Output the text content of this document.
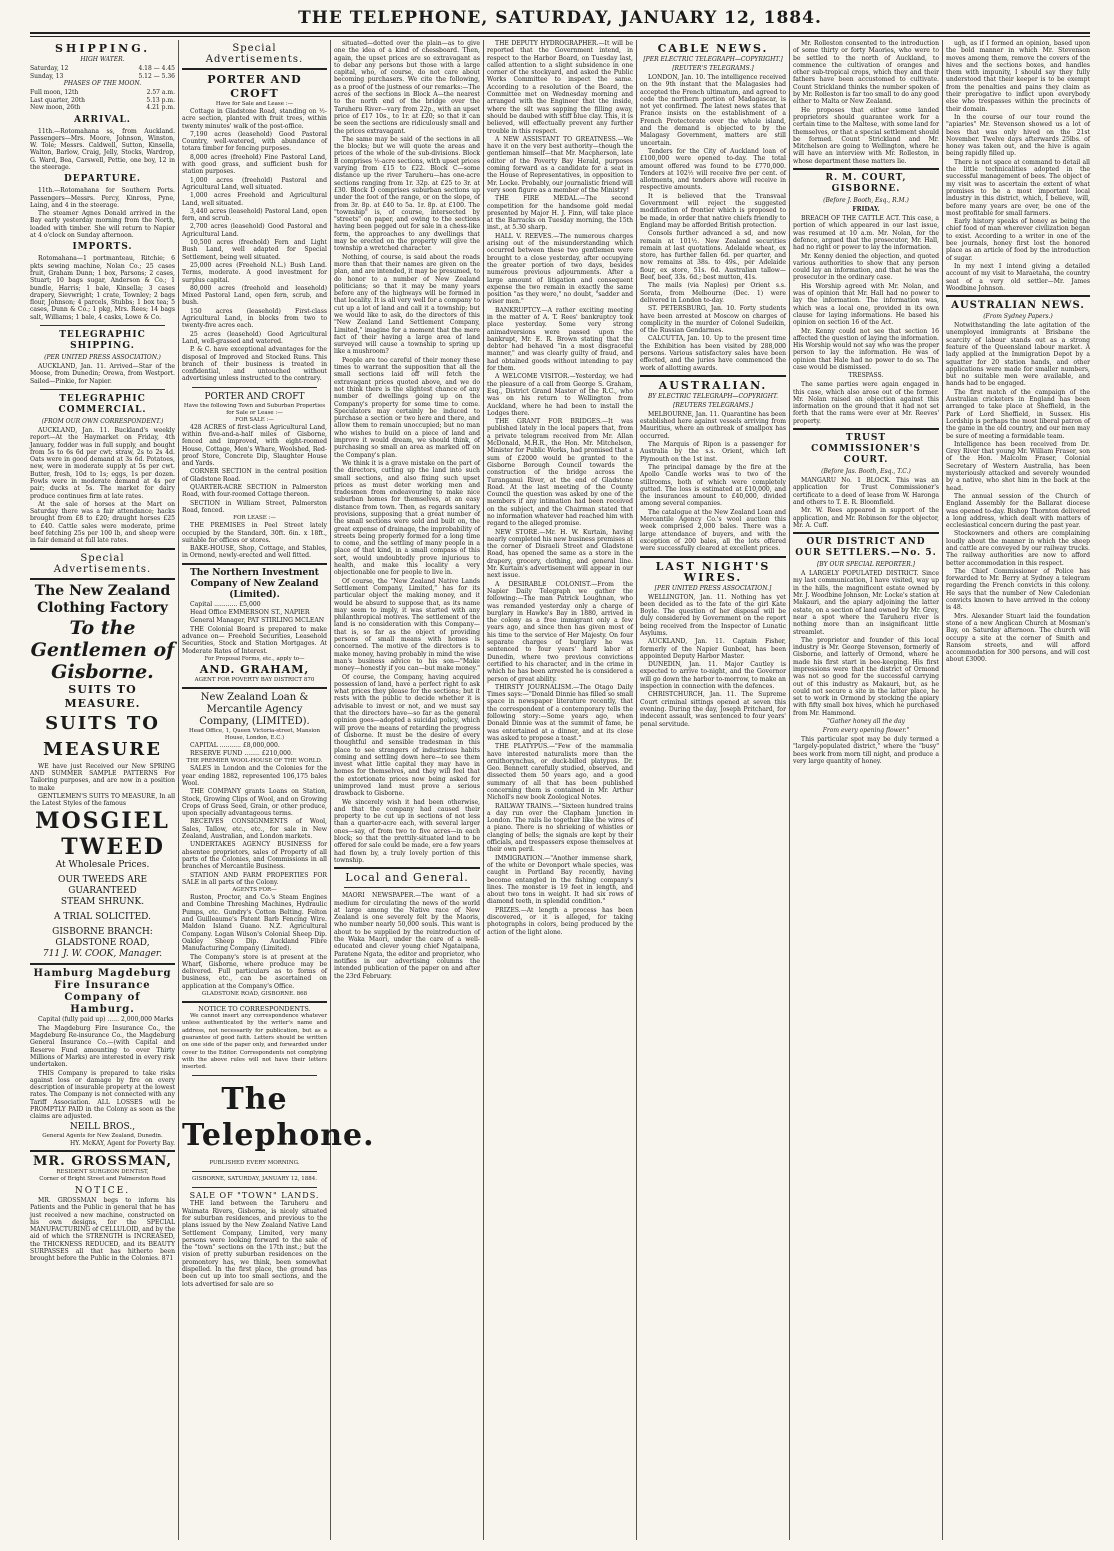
THE TELEPHONE, SATURDAY, JANUARY 12, 1884.
SHIPPING.
HIGH WATER.
Saturday, 12	4.18 — 4.45
Sunday, 13	5.12 — 5.36
PHASES OF THE MOON.
Full moon, 12th	2.57 a.m.
Last quarter, 20th	5.13 p.m.
New moon, 26th	4.21 p.m.
ARRIVAL.
11th.—Rotomahana ss, from Auckland. Passengers—Mrs. Moore, Johnson, Winston, W. Tole; Messrs. Caldwell, Sutton, Kinsella, Walton, Barlow, Craig, Jelly, Stocks, Wardrop, G. Ward, Bea, Carswell, Pettie, one boy, 12 in the steerage.
DEPARTURE.
11th.—Rotomahana for Southern Ports. Passengers—Messrs. Percy, Kinross, Pyne, Laing, and 4 in the steerage.
The steamer Agnes Donald arrived in the Bay early yesterday morning from the North, loaded with timber. She will return to Napier at 4 o'clock on Sunday afternoon.
IMPORTS.
Rotomahana—1 portmanteau, Ritchie; 6 pkts sewing machine, Nolan Co.; 25 cases fruit, Graham Dunn; 1 box, Parsons; 2 cases, Stuart; 10 bags sugar, Anderson & Co.; 1 bundle, Harris; 1 bale, Kinsella; 3 cases drapery, Sievwright; 1 crate, Townley; 2 bags flour, Johnson; 4 parcels, Stubbs; 1 box tea; 5 cases, Dunn & Co.; 1 pkg, Mrs. Rees; 14 bags salt, Williams; 1 bale, 4 casks, Lowe & Co.
TELEGRAPHIC SHIPPING.
(PER UNITED PRESS ASSOCIATION.)
AUCKLAND, Jan. 11. Arrived—Star of the Moose, from Dunedin; Orewa, from Westport. Sailed—Pinkie, for Napier.
TELEGRAPHIC COMMERCIAL.
(FROM OUR OWN CORRESPONDENT.)
AUCKLAND, Jan. 11. Buckland's weekly report—At the Haymarket on Friday, 4th January, fodder was in full supply, and bought from 5s to 6s 6d per cwt; straw, 2s to 2s 4d. Oats were in good demand at 3s 6d. Potatoes, new, were in moderate supply at 5s per cwt. Butter, fresh, 10d to 1s; eggs, 1s per dozen. Fowls were in moderate demand at 4s per pair; ducks at 5s. The market for dairy produce continues firm at late rates.
At the sale of horses at the Mart on Saturday there was a fair attendance; hacks brought from £8 to £20; draught horses £25 to £40. Cattle sales were moderate, prime beef fetching 25s per 100 lb, and sheep were in fair demand at full late rates.
Special Advertisements.
The New Zealand Clothing Factory
To the Gentlemen of Gisborne.
SUITS TO MEASURE.
SUITS TO MEASURE
WE have just Received our New SPRING AND SUMMER SAMPLE PATTERNS For Tailoring purposes, and are now in a position to make
GENTLEMEN'S SUITS TO MEASURE, In all the Latest Styles of the famous
MOSGIEL
TWEED
At Wholesale Prices.
OUR TWEEDS ARE GUARANTEED
STEAM SHRUNK.
A TRIAL SOLICITED.
GISBORNE BRANCH:
GLADSTONE ROAD,
711 J. W. COOK, Manager.
Hamburg Magdeburg Fire Insurance Company of Hamburg.
Capital (fully paid up) ...... 2,000,000 Marks
The Magdeburg Fire Insurance Co., the Magdeburg Re-insurance Co., the Magdeburg General Insurance Co.—(with Capital and Reserve Fund amounting to over Thirty Millions of Marks) are interested in every risk undertaken.
THIS Company is prepared to take risks against loss or damage by fire on every description of insurable property at the lowest rates. The Company is not connected with any Tariff Association. ALL LOSSES will be PROMPTLY PAID in the Colony as soon as the claims are adjusted.
NEILL BROS.,
General Agents for New Zealand, Dunedin.
HY. McKAY, Agent for Poverty Bay.
MR. GROSSMAN,
RESIDENT SURGEON DENTIST,
Corner of Bright Street and Palmerston Road
NOTICE.
MR. GROSSMAN begs to inform his Patients and the Public in general that he has just received a new machine, constructed on his own designs, for the SPECIAL MANUFACTURING of CELLULOID, and by the aid of which the STRENGTH is INCREASED, the THICKNESS REDUCED, and its BEAUTY SURPASSES all that has hitherto been brought before the Public in the Colonies. 871
Special Advertisements.
PORTER AND CROFT
Have for Sale and Lease :—
Cottage in Gladstone Road, standing on ½-acre section, planted with fruit trees, within twenty minutes' walk of the post-office.
7,190 acres (leasehold) Good Pastoral Country, well-watered, with abundance of totara timber for fencing purposes.
8,000 acres (freehold) Fine Pastoral Land, with good grass, and sufficient bush for station purposes.
1,000 acres (freehold) Pastoral and Agricultural Land, well situated.
1,000 acres Freehold and Agricultural Land, well situated.
3,440 acres (leasehold) Pastoral Land, open fern, and scrub.
2,700 acres (leasehold) Good Pastoral and Agricultural Land.
10,500 acres (freehold) Fern and Light Bush Land, well adapted for Special Settlement, being well situated.
25,000 acres (Freehold N.L.) Bush Land. Terms, moderate. A good investment for surplus capital.
80,000 acres (freehold and leasehold) Mixed Pastoral Land, open fern, scrub, and bush.
150 acres (leasehold) First-class Agricultural Land, in blocks from two to twenty-five acres each.
25 acres (leasehold) Good Agricultural Land, well-grassed and watered.
P. & C. have exceptional advantages for the disposal of Improved and Stocked Runs. This branch of their business is treated in confidential, and untouched without advertising unless instructed to the contrary.
PORTER AND CROFT
Have the following Town and Suburban Properties for Sale or Lease :—
FOR SALE :—
428 ACRES of first-class Agricultural Land, within five-and-a-half miles of Gisborne, fenced and improved, with eight-roomed House, Cottage, Men's Whare, Woolshed, Red-proof Store, Concrete Dip, Slaughter House and Yards.
CORNER SECTION in the central position of Gladstone Road.
QUARTER-ACRE SECTION in Palmerston Road, with four-roomed Cottage thereon.
SECTION in William Street, Palmerston Road, fenced.
FOR LEASE :—
THE PREMISES in Peel Street lately occupied by the Standard, 30ft. 6in. x 18ft., suitable for offices or stores.
BAKE-HOUSE, Shop, Cottage, and Stables, in Ormond, newly-erected and well fitted.
The Northern Investment Company of New Zealand (Limited).
Capital ............ £5,000
Head Office EMMERSON ST., NAPIER
General Manager, PAT STIRLING MCLEAN
THE Colonial Board is prepared to make advance on— Freehold Securities, Leasehold Securities, Stock and Station Mortgages. At Moderate Rates of Interest.
For Proposal Forms, etc., apply to—
AND. GRAHAM,
AGENT FOR POVERTY BAY DISTRICT 870
New Zealand Loan & Mercantile Agency Company, (LIMITED).
Head Office, 1, Queen Victoria-street, Mansion House, London, E.C.)
CAPITAL ........... £8,000,000.
RESERVE FUND ........ £210,000.
THE PREMIER WOOL-HOUSE OF THE WORLD.
SALES in London and the Colonies for the year ending 1882, represented 106,175 bales Wool.
THE COMPANY grants Loans on Station, Stock, Growing Clips of Wool, and on Growing Crops of Grass Seed, Grain, or other produce, upon specially advantageous terms.
RECEIVES CONSIGNMENTS of Wool, Sales, Tallow, etc., etc., for sale in New Zealand, Australian, and London markets.
UNDERTAKES AGENCY BUSINESS for absentee proprietors, sales of Property of all parts of the Colonies, and Commissions in all branches of Mercantile Business.
STATION AND FARM PROPERTIES FOR SALE in all parts of the Colony.
AGENTS FOR—
Ruston, Proctor, and Co.'s Steam Engines and Combine Threshing Machines, Hydraulic Pumps, etc. Gundry's Cotton Belting. Felton and Guilleaume's Patent Barb Fencing Wire. Maldon Island Guano. N.Z. Agricultural Company. Logan Wilson's Colonial Sheep Dip. Oakley Sheep Dip. Auckland Fibre Manufacturing Company (Limited).
The Company's store is at present at the Wharf, Gisborne, where produce may be delivered. Full particulars as to forms of business, etc., can be ascertained on application at the Company's Office.
GLADSTONE ROAD, GISBORNE. 868
NOTICE TO CORRESPONDENTS.
We cannot insert any correspondence whatever unless authenticated by the writer's name and address, not necessarily for publication, but as a guarantee of good faith. Letters should be written on one side of the paper only, and forwarded under cover to the Editor. Correspondents not complying with the above rules will not have their letters inserted.
The Telephone.
PUBLISHED EVERY MORNING.
GISBORNE, SATURDAY, JANUARY 12, 1884.
SALE OF "TOWN" LANDS.
THE land between the Taruheru and Waimata Rivers, Gisborne, is nicely situated for suburban residences, and previous to the plans issued by the New Zealand Native Land Settlement Company, Limited, very many persons were looking forward to the sale of the "town" sections on the 17th inst.; but the vision of pretty suburban residences on the promontory has, we think, been somewhat dispelled. In the first place, the ground has been cut up into too small sections, and the lots advertised for sale are so
situated—dotted over the plain—as to give one the idea of a kind of chessboard. Then, again, the upset prices are so extravagant as to debar any persons but those with a large capital, who, of course, do not care about becoming purchasers. We cite the following, as a proof of the justness of our remarks:—The acres of the sections in Block A—the nearest to the north end of the bridge over the Taruheru River—vary from 22p., with an upset price of £17 10s., to 1r. at £20; so that it can be seen the sections are ridiculously small and the prices extravagant.
The same may be said of the sections in all the blocks; but we will quote the areas and prices of the whole of the sub-divisions. Block B comprises ½-acre sections, with upset prices varying from £15 to £22. Block C—some distance up the river Taruheru—has one-acre sections ranging from 1r. 32p. at £25 to 3r. at £30. Block D comprises suburban sections up under the foot of the range, or on the slope, of from 3r. 8p. at £40 to 5a. 1r. 8p. at £100. The "township" is, of course, intersected by "streets" on paper, and owing to the sections having been pegged out for sale in a chess-like form, the approaches to any dwellings that may be erected on the property will give the township a wretched character.
Nothing, of course, is said about the roads more than that their names are given on the plan, and are intended, it may be presumed, to do honor to a number of New Zealand politicians; so that it may be many years before any of the highways will be formed in that locality. It is all very well for a company to cut up a lot of land and call it a township; but we would like to ask, do the directors of this "New Zealand Land Settlement Company, Limited," imagine for a moment that the mere fact of their having a large area of land surveyed will cause a township to spring up like a mushroom?
People are too careful of their money these times to warrant the supposition that all the small sections laid off will fetch the extravagant prices quoted above, and we do not think there is the slightest chance of any number of dwellings going up on the Company's property for some time to come. Speculators may certainly be induced to purchase a section or two here and there, and allow them to remain unoccupied; but no man who wishes to build on a piece of land and improve it would dream, we should think, of purchasing so small an area as marked off on the Company's plan.
We think it is a grave mistake on the part of the directors, cutting up the land into such small sections, and also fixing such upset prices as must deter working men and tradesmen from endeavouring to make nice suburban homes for themselves, at an easy distance from town. Then, as regards sanitary provisions, supposing that a great number of the small sections were sold and built on, the great expense of drainage, the improbability of streets being properly formed for a long time to come, and the settling of many people in a place of that kind, in a small compass of this sort, would undoubtedly prove injurious to health, and make this locality a very objectionable one for people to live in.
Of course, the "New Zealand Native Lands Settlement Company, Limited," has for its particular object the making money, and it would be absurd to suppose that, as its name may seem to imply, it was started with any philanthropical motives. The settlement of the land is no consideration with this Company—that is, so far as the object of providing persons of small means with homes is concerned. The motive of the directors is to make money, having probably in mind the wise man's business advice to his son—"Make money—honestly if you can—but make money."
Of course, the Company, having acquired possession of land, have a perfect right to ask what prices they please for the sections; but it rests with the public to decide whether it is advisable to invest or not, and we must say that the directors have—so far as the general opinion goes—adopted a suicidal policy, which will prove the means of retarding the progress of Gisborne. It must be the desire of every thoughtful and sensible tradesman in this place to see strangers of industrious habits coming and settling down here—to see them invest what little capital they may have in homes for themselves, and they will feel that the extortionate prices now being asked for unimproved land must prove a serious drawback to Gisborne.
We sincerely wish it had been otherwise, and that the company had caused their property to be cut up in sections of not less than a quarter-acre each, with several larger ones—say, of from two to five acres—in each block; so that the prettily-situated land to be offered for sale could be made, ere a few years had flown by, a truly lovely portion of this township.
Local and General.
MAORI NEWSPAPER.—The want of a medium for circulating the news of the world at large among the Native race of New Zealand is one severely felt by the Maoris, who number nearly 50,000 souls. This want is about to be supplied by the reintroduction of the Waka Maori, under the care of a well-educated and clever young chief Ngataipana, Paratene Ngata, the editor and proprietor, who notifies in our advertising columns the intended publication of the paper on and after the 23rd February.
THE DEPUTY HYDROGRAPHER.—It will be reported that the Government intend, in respect to the Harbor Board, on Tuesday last, called attention to a slight subsidence in one corner of the stockyard, and asked the Public Works Committee to inspect the same. According to a resolution of the Board, the Committee met on Wednesday morning and arranged with the Engineer that the inside, where the silt was sapping the filling away, should be daubed with stiff blue clay. This, it is believed, will effectually prevent any further trouble in this respect.
A NEW ASSISTANT TO GREATNESS.—We have it on the very best authority—though the gentleman himself—that Mr. Macpherson, late editor of the Poverty Bay Herald, purposes coming forward as a candidate for a seat in the House of Representatives, in opposition to Mr. Locke. Probably, our journalistic friend will very soon figure as a member of the Ministry!
THE FIRE MEDAL.—The second competition for the handsome gold medal presented by Major H. J. Finn, will take place at the Barracks on Tuesday morning, the 15th inst., at 5.30 sharp.
HALL V. REEVES.—The numerous charges arising out of the misunderstanding which occurred between these two gentlemen were brought to a close yesterday, after occupying the greater portion of two days, besides numerous previous adjournments. After a large amount of litigation and consequent expense the two remain in exactly the same position "as they were," no doubt, "sadder and wiser men."
BANKRUPTCY.—A rather exciting meeting in the matter of A. T. Rees' bankruptcy took place yesterday. Some very strong animadversions were passed upon the bankrupt, Mr. E. R. Brown stating that the debtor had behaved "in a most disgraceful manner," and was clearly guilty of fraud, and had obtained goods without intending to pay for them.
A WELCOME VISITOR.—Yesterday, we had the pleasure of a call from George S. Graham, Esq., District Grand Master of the R.C., who was on his return to Wellington from Auckland, where he had been to install the Lodges there.
THE GRANT FOR BRIDGES.—It was published lately in the local papers that, from a private telegram received from Mr. Allan McDonald, M.H.R., the Hon. Mr. Mitchelson, Minister for Public Works, had promised that a sum of £2000 would be granted to the Gisborne Borough Council towards the construction of the bridge across the Turanganui River, at the end of Gladstone Road. At the last meeting of the County Council the question was asked by one of the members if any intimation had been received on the subject, and the Chairman stated that no information whatever had reached him with regard to the alleged promise.
NEW STORE.—Mr. H. W. Kurtain, having nearly completed his new business premises at the corner of Disraeli Street and Gladstone Road, has opened the same as a store in the drapery, grocery, clothing, and general line. Mr. Kurtain's advertisement will appear in our next issue.
A DESIRABLE COLONIST.—From the Napier Daily Telegraph we gather the following:—The man Patrick Loughnan, who was remanded yesterday only a charge of burglary in Hawke's Bay in 1880, arrived in the colony as a free immigrant only a few years ago, and since then has given most of his time to the service of Her Majesty. On four separate charges of burglary he was sentenced to four years' hard labor at Dunedin, where two previous convictions certified to his character, and in the crime in which he has been arrested he is considered a person of great ability.
THIRSTY JOURNALISM.—The Otago Daily Times says:—"Donald Dinnie has filled so small space in newspaper literature recently, that the correspondent of a contemporary tells the following story:—Some years ago, when Donald Dinnie was at the summit of fame, he was entertained at a dinner, and at its close was asked to propose a toast."
THE PLATYPUS.—"Few of the mammalia have interested naturalists more than the ornithorynchus, or duck-billed platypus. Dr. Geo. Bennett carefully studied, observed, and dissected them 50 years ago, and a good summary of all that has been published concerning them is contained in Mr. Arthur Nicholl's new book Zoological Notes.
RAILWAY TRAINS.—"Sixteen hundred trains a day run over the Clapham Junction in London. The rails lie together like the wires of a piano. There is no shrieking of whistles or clanging of bells; the signals are kept by their officials, and trespassers expose themselves at their own peril.
IMMIGRATION.—"Another immense shark, of the white or Devonport whale species, was caught in Portland Bay recently, having become entangled in the fishing company's lines. The monster is 19 feet in length, and about two tons in weight. It had six rows of diamond teeth, in splendid condition."
PRIZES.—At length a process has been discovered, or it is alleged, for taking photographs in colors, being produced by the action of the light alone.
CABLE NEWS.
[PER ELECTRIC TELEGRAPH—COPYRIGHT.]
[REUTER'S TELEGRAMS.]
LONDON, Jan. 10. The intelligence received on the 9th instant that the Malagasies had accepted the French ultimatum, and agreed to cede the northern portion of Madagascar, is not yet confirmed. The latest news states that France insists on the establishment of a French Protectorate over the whole island, and the demand is objected to by the Malagasy Government, matters are still uncertain.
Tenders for the City of Auckland loan of £100,000 were opened to-day. The total amount offered was found to be £770,000. Tenders at 102½ will receive five per cent. of allotments, and tenders above will receive in respective amounts.
It is believed that the Transvaal Government will reject the suggested modification of frontier which is proposed to be made, in order that native chiefs friendly to England may be afforded British protection.
Consols further advanced a sd, and now remain at 101½. New Zealand securities remain at last quotations. Adelaide wheat, ex store, has further fallen 6d. per quarter, and now remains at 38s. to 49s., per Adelaide flour, ex store, 51s. 6d. Australian tallow—Beef, beef, 33s. 6d.; best mutton, 41s.
The mails (via Naples) per Orient s.s. Sorata, from Melbourne (Dec. 1) were delivered in London to-day.
ST. PETERSBURG, Jan. 10. Forty students have been arrested at Moscow on charges of complicity in the murder of Colonel Sudeikin, of the Russian Gendarmes.
CALCUTTA, Jan. 10. Up to the present time the Exhibition has been visited by 288,000 persons. Various satisfactory sales have been effected, and the juries have commenced the work of allotting awards.
AUSTRALIAN.
BY ELECTRIC TELEGRAPH—COPYRIGHT.
[REUTERS TELEGRAMS.]
MELBOURNE, Jan. 11. Quarantine has been established here against vessels arriving from Mauritius, where an outbreak of smallpox has occurred.
The Marquis of Ripon is a passenger for Australia by the s.s. Orient, which left Plymouth on the 1st inst.
The principal damage by the fire at the Apollo Candle works was to two of the stillrooms, both of which were completely gutted. The loss is estimated at £10,000, and the insurances amount to £40,000, divided among several companies.
The catalogue at the New Zealand Loan and Mercantile Agency Co.'s wool auction this week comprised 2,000 bales. There was a large attendance of buyers, and with the exception of 200 bales, all the lots offered were successfully cleared at excellent prices.
LAST NIGHT'S WIRES.
[PER UNITED PRESS ASSOCIATION.]
WELLINGTON, Jan. 11. Nothing has yet been decided as to the fate of the girl Kate Boyle. The question of her disposal will be duly considered by Government on the report being received from the Inspector of Lunatic Asylums.
AUCKLAND, Jan. 11. Captain Fisher, formerly of the Napier Gunboat, has been appointed Deputy Harbor Master.
DUNEDIN, Jan. 11. Major Cautley is expected to arrive to-night, and the Governor will go down the harbor to-morrow, to make an inspection in connection with the defences.
CHRISTCHURCH, Jan. 11. The Supreme Court criminal sittings opened at seven this evening. During the day, Joseph Pritchard, for indecent assault, was sentenced to four years' penal servitude.
Mr. Rolleston consented to the introduction of some thirty or forty Maories, who were to be settled to the north of Auckland, to commence the cultivation of oranges and other sub-tropical crops, which they and their fathers have been accustomed to cultivate. Count Strickland thinks the number spoken of by Mr. Rolleston is far too small to do any good either to Malta or New Zealand.
He proposes that either some landed proprietors should guarantee work for a certain time to the Maltese, with some land for themselves, or that a special settlement should be formed. Count Strickland and Mr. Mitchelson are going to Wellington, where he will have an interview with Mr. Rolleston, in whose department these matters lie.
R. M. COURT, GISBORNE.
(Before J. Booth, Esq., R.M.)
FRIDAY.
BREACH OF THE CATTLE ACT. This case, a portion of which appeared in our last issue, was resumed at 10 a.m. Mr. Nolan, for the defence, argued that the prosecutor, Mr. Hall, had no right or power to lay the information.
Mr. Kenny denied the objection, and quoted various authorities to show that any person could lay an information, and that he was the prosecutor in the ordinary case.
His Worship agreed with Mr. Nolan, and was of opinion that Mr. Hall had no power to lay the information. The information was, which was a local one, provided in its own clause for laying informations. He based his opinion on section 16 of the Act.
Mr. Kenny could not see that section 16 affected the question of laying the information. His Worship would not say who was the proper person to lay the information. He was of opinion that Hale had no power to do so. The case would be dismissed.
TRESPASS.
The same parties were again engaged in this case, which also arose out of the former. Mr. Nolan raised an objection against this information on the ground that it had not set forth that the rams were ever at Mr. Reeves' property.
TRUST COMMISSIONER'S COURT.
(Before Jas. Booth, Esq., T.C.)
MANGARU No. 1 BLOCK. This was an application for Trust Commissioner's certificate to a deed of lease from W. Haronga and others to T. E. R. Bloomfield.
Mr. W. Rees appeared in support of the application, and Mr. Robinson for the objector, Mr. A. Cuff.
OUR DISTRICT AND OUR SETTLERS.—No. 5.
[BY OUR SPECIAL REPORTER.]
A LARGELY POPULATED DISTRICT. Since my last communication, I have visited, way up in the hills, the magnificent estate owned by Mr. J. Woodbine Johnson, Mr. Locke's station at Makauri, and the apiary adjoining the latter estate, on a section of land owned by Mr. Grey, near a spot where the Taruheru river is nothing more than an insignificant little streamlet.
The proprietor and founder of this local industry is Mr. George Stevenson, formerly of Gisborne, and latterly of Ormond, where he made his first start in bee-keeping. His first impressions were that the district of Ormond was not so good for the successful carrying out of this industry as Makauri, but, as he could not secure a site in the latter place, he set to work in Ormond by stocking the apiary with fifty small box hives, which he purchased from Mr. Hammond.
"Gather honey all the day
From every opening flower."
This particular spot may be duly termed a "largely-populated district," where the "busy" bees work from morn till night, and produce a very large quantity of honey.
ugh, as if I formed an opinion, based upon the bold manner in which Mr. Stevenson moves among them, remove the covers of the hives and the sections boxes, and handles them with impunity, I should say they fully understood that their keeper is to be exempt from the penalties and pains they claim as their prerogative to inflict upon everybody else who trespasses within the precincts of their domain.
In the course of our tour round the "apiaries" Mr. Stevenson showed us a lot of bees that was only hived on the 21st November. Twelve days afterwards 25lbs. of honey was taken out, and the hive is again being rapidly filled up.
There is not space at command to detail all the little technicalities adopted in the successful management of bees. The object of my visit was to ascertain the extent of what promises to be a most important local industry in this district, which, I believe, will, before many years are over, be one of the most profitable for small farmers.
Early history speaks of honey as being the chief food of man wherever civilization began to exist. According to a writer in one of the bee journals, honey first lost the honored place as an article of food by the introduction of sugar.
In my next I intend giving a detailed account of my visit to Maraetaha, the country seat of a very old settler—Mr. James Woodbine Johnson.
AUSTRALIAN NEWS.
(From Sydney Papers.)
Notwithstanding the late agitation of the unemployed immigrants at Brisbane the scarcity of labour stands out as a strong feature of the Queensland labour market. A lady applied at the Immigration Depot by a squatter for 20 station hands, and other applications were made for smaller numbers, but no suitable men were available, and hands had to be engaged.
The first match of the campaign of the Australian cricketers in England has been arranged to take place at Sheffield, in the Park of Lord Sheffield, in Sussex. His Lordship is perhaps the most liberal patron of the game in the old country, and our men may be sure of meeting a formidable team.
Intelligence has been received from Dr. Grey River that young Mr. William Fraser, son of the Hon. Malcolm Fraser, Colonial Secretary of Western Australia, has been mysteriously attacked and severely wounded by a native, who shot him in the back at the head.
The annual session of the Church of England Assembly for the Ballarat diocese was opened to-day. Bishop Thornton delivered a long address, which dealt with matters of ecclesiastical concern during the past year.
Stockowners and others are complaining loudly about the manner in which the sheep and cattle are conveyed by our railway trucks. The railway authorities are now to afford better accommodation in this respect.
The Chief Commissioner of Police has forwarded to Mr. Berry at Sydney a telegram regarding the French convicts in this colony. He says that the number of New Caledonian convicts known to have arrived in the colony is 48.
Mrs. Alexander Stuart laid the foundation stone of a new Anglican Church at Mosman's Bay, on Saturday afternoon. The church will occupy a site at the corner of Smith and Ransom streets, and will afford accommodation for 300 persons, and will cost about £3000.
